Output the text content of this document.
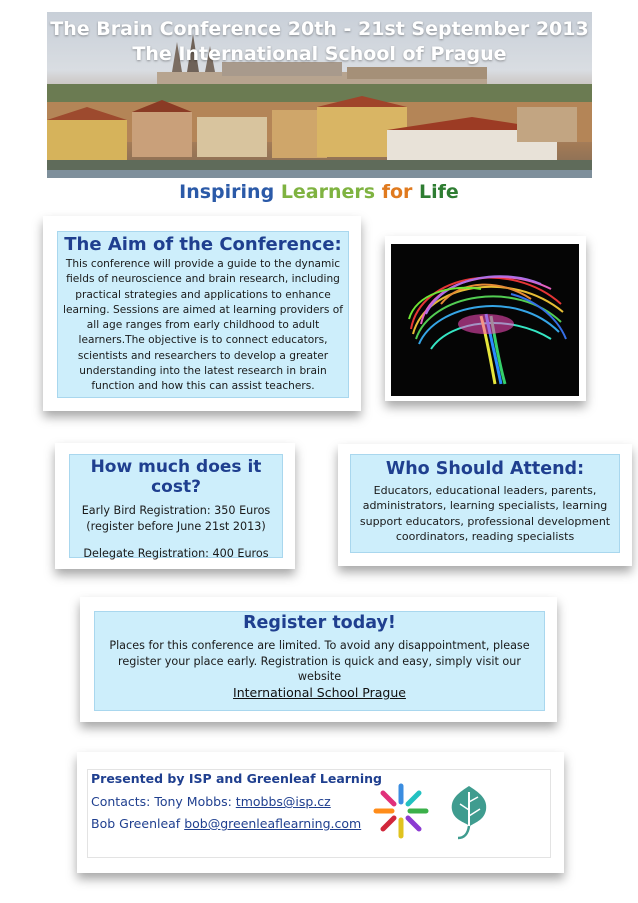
The Brain Conference 20th - 21st September 2013
The International School of Prague
Inspiring Learners for Life
The Aim of the Conference:

This conference will provide a guide to the dynamic fields of neuroscience and brain research, including practical strategies and applications to enhance learning. Sessions are aimed at learning providers of all age ranges from early childhood to adult learners.The objective is to connect educators, scientists and researchers to develop a greater understanding into the latest research in brain function and how this can assist teachers.

How much does it cost?

Early Bird Registration: 350 Euros
(register before June 21st 2013)

Delegate Registration: 400 Euros

Who Should Attend:

Educators, educational leaders, parents, administrators, learning specialists, learning support educators, professional development coordinators, reading specialists

Register today!

Places for this conference are limited. To avoid any disappointment, please register your place early. Registration is quick and easy, simply visit our website
International School Prague

Presented by ISP and Greenleaf Learning
Contacts: Tony Mobbs: tmobbs@isp.cz
Bob Greenleaf bob@greenleaflearning.com
